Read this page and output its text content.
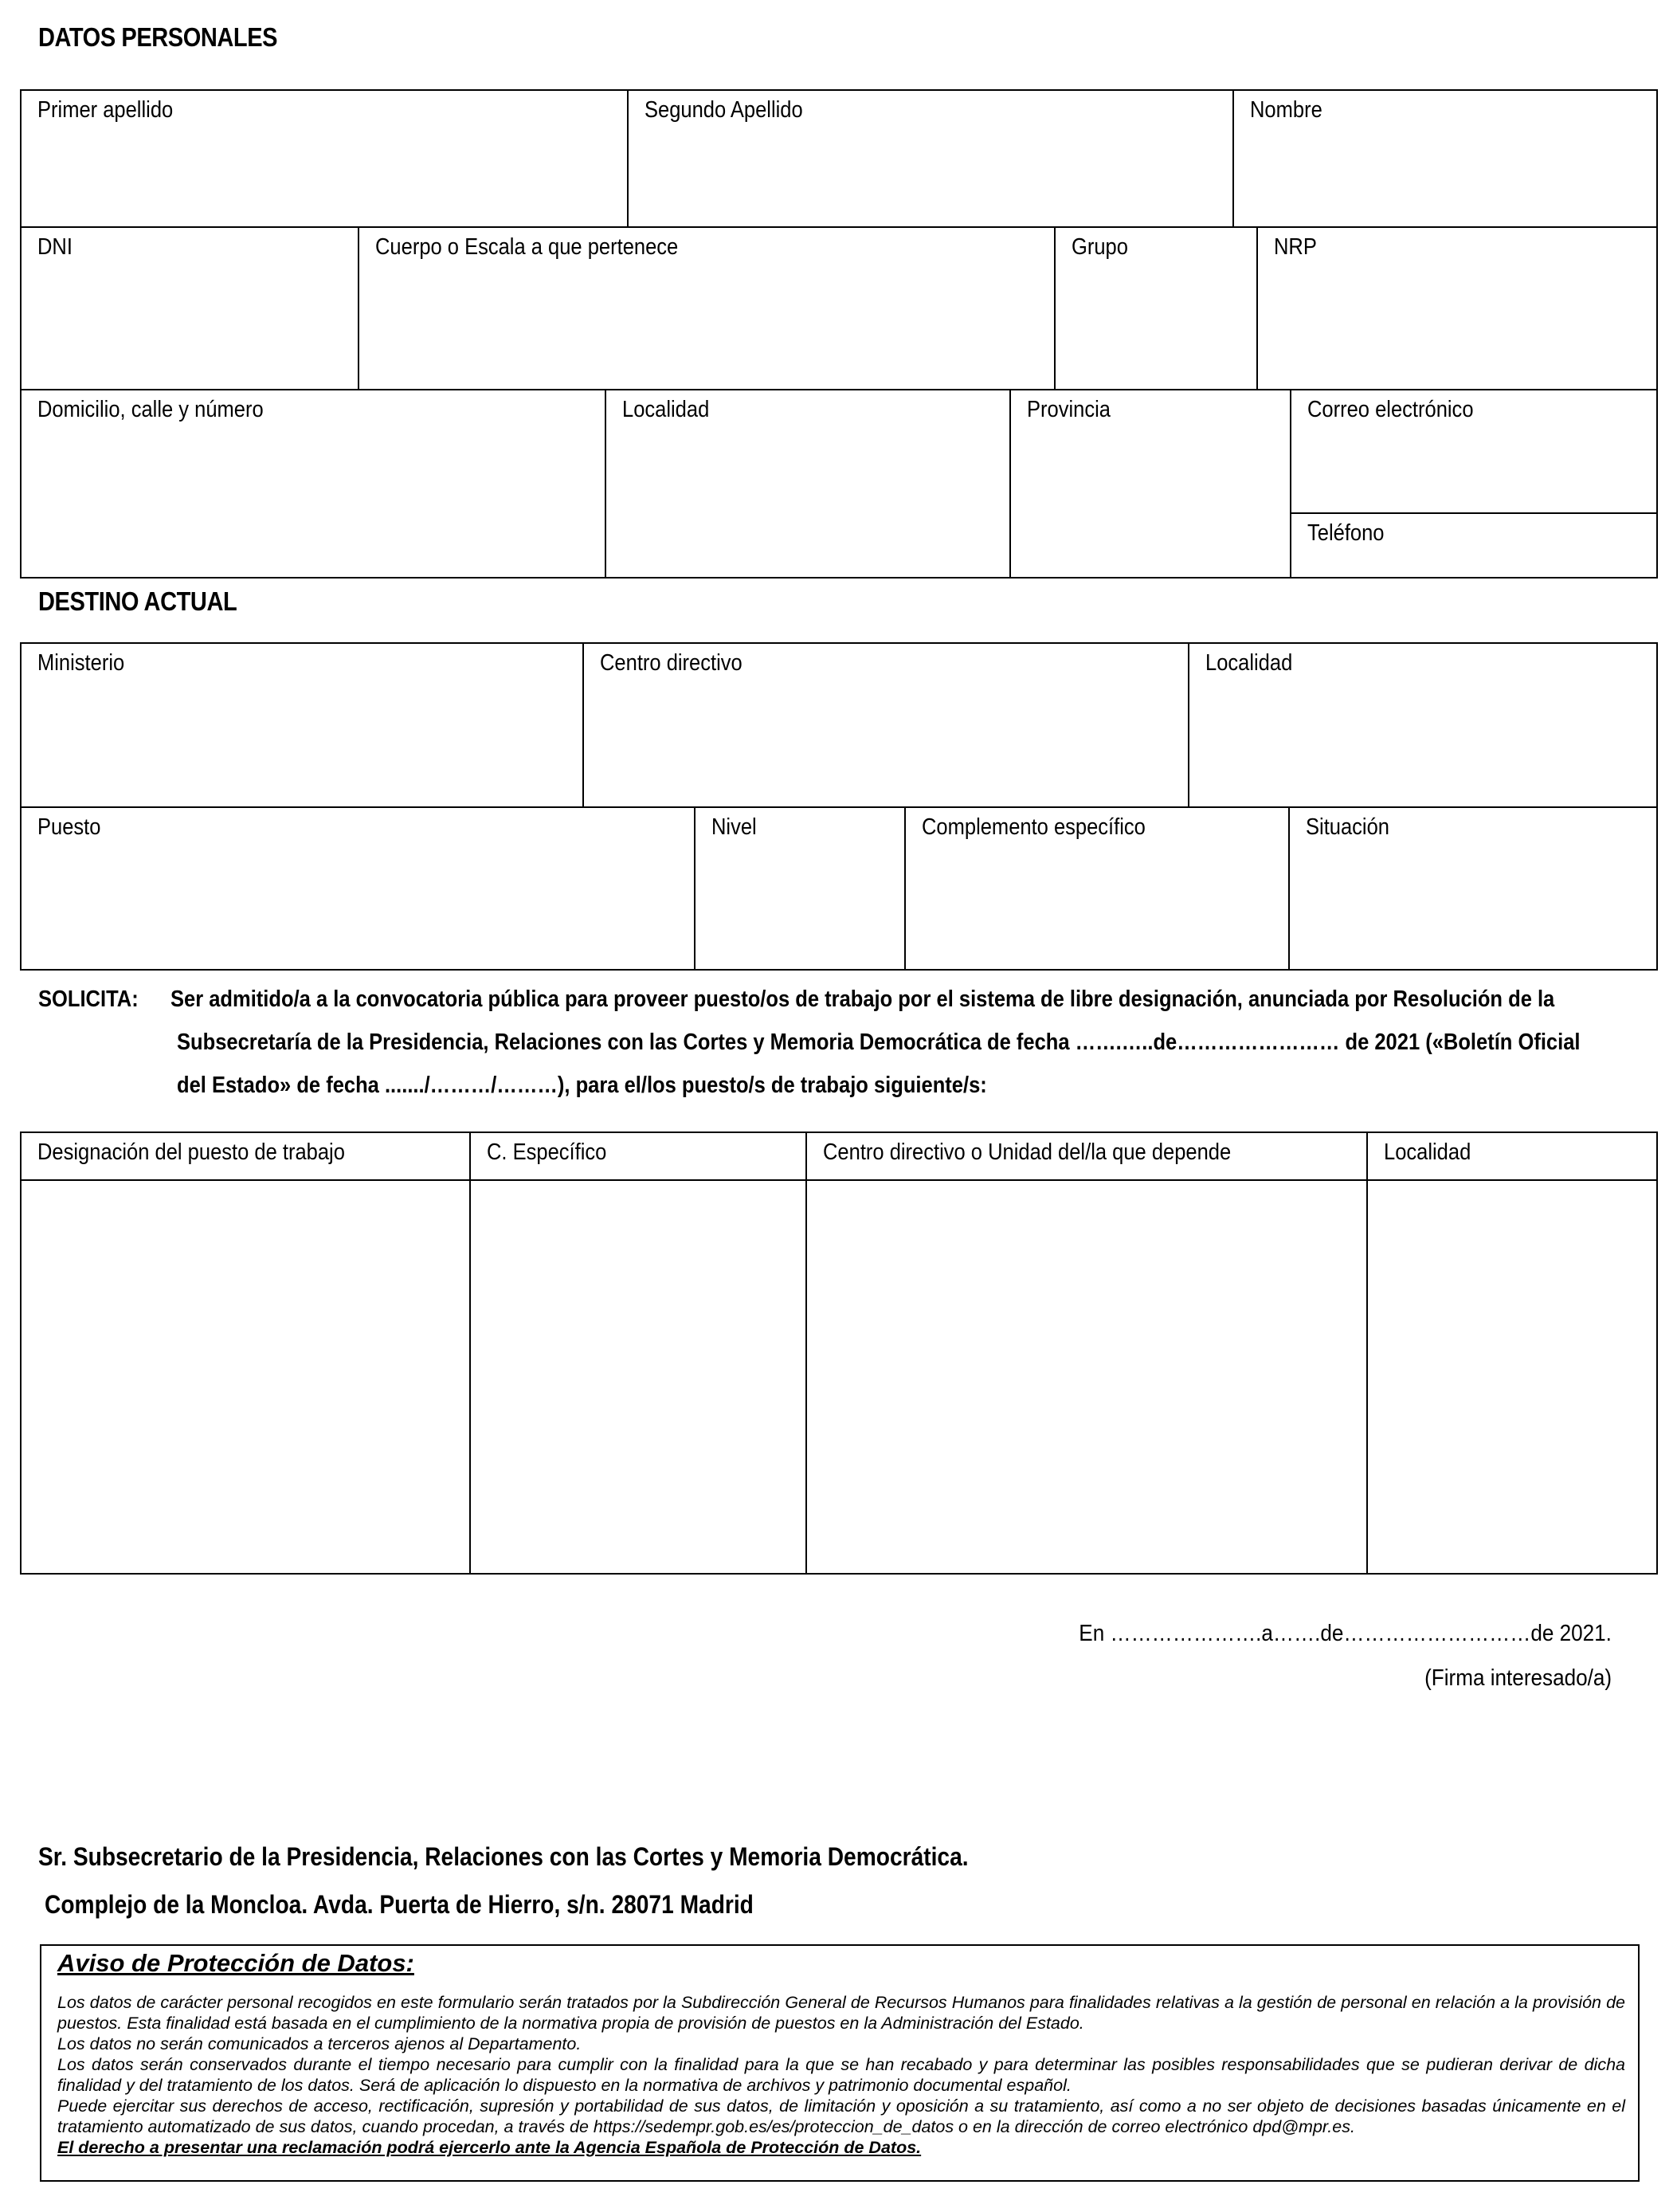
DATOS PERSONALES
Primer apellido	Segundo Apellido	Nombre
DNI	Cuerpo o Escala a que pertenece	Grupo	NRP
Domicilio, calle y número	Localidad	Provincia	Correo electrónico
Teléfono
DESTINO ACTUAL
Ministerio	Centro directivo	Localidad
Puesto	Nivel	Complemento específico	Situación
SOLICITA: Ser admitido/a a la convocatoria pública para proveer puesto/os de trabajo por el sistema de libre designación, anunciada por Resolución de la
Subsecretaría de la Presidencia, Relaciones con las Cortes y Memoria Democrática de fecha …….…..de…………………… de 2021 («Boletín Oficial
del Estado» de fecha ......./………/………), para el/los puesto/s de trabajo siguiente/s:
Designación del puesto de trabajo	C. Específico	Centro directivo o Unidad del/la que depende	Localidad
En ………………….a…….de………………………de 2021.
(Firma interesado/a)
Sr. Subsecretario de la Presidencia, Relaciones con las Cortes y Memoria Democrática.
Complejo de la Moncloa. Avda. Puerta de Hierro, s/n. 28071 Madrid
Aviso de Protección de Datos:

Los datos de carácter personal recogidos en este formulario serán tratados por la Subdirección General de Recursos Humanos para finalidades relativas a la gestión de personal en relación a la provisión de puestos. Esta finalidad está basada en el cumplimiento de la normativa propia de provisión de puestos en la Administración del Estado.

Los datos no serán comunicados a terceros ajenos al Departamento.

Los datos serán conservados durante el tiempo necesario para cumplir con la finalidad para la que se han recabado y para determinar las posibles responsabilidades que se pudieran derivar de dicha finalidad y del tratamiento de los datos. Será de aplicación lo dispuesto en la normativa de archivos y patrimonio documental español.

Puede ejercitar sus derechos de acceso, rectificación, supresión y portabilidad de sus datos, de limitación y oposición a su tratamiento, así como a no ser objeto de decisiones basadas únicamente en el tratamiento automatizado de sus datos, cuando procedan, a través de https://sedempr.gob.es/es/proteccion_de_datos o en la dirección de correo electrónico dpd@mpr.es.

El derecho a presentar una reclamación podrá ejercerlo ante la Agencia Española de Protección de Datos.
